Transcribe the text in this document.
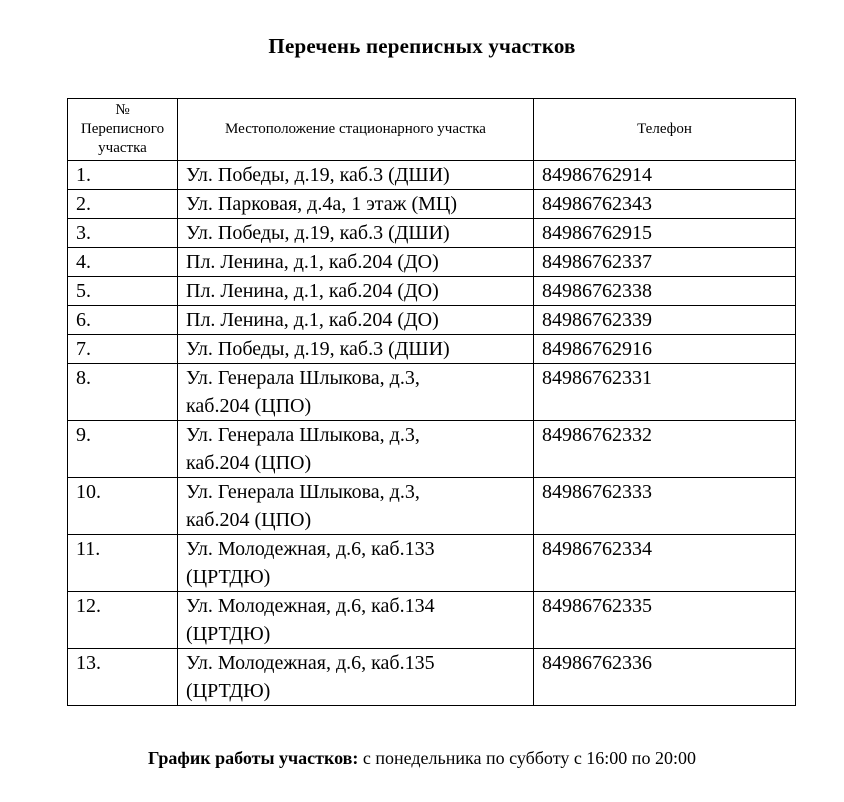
Перечень переписных участков
№
Переписного
участка	Местоположение стационарного участка	Телефон
1.	Ул. Победы, д.19, каб.3 (ДШИ)	84986762914
2.	Ул. Парковая, д.4а, 1 этаж (МЦ)	84986762343
3.	Ул. Победы, д.19, каб.3 (ДШИ)	84986762915
4.	Пл. Ленина, д.1, каб.204 (ДО)	84986762337
5.	Пл. Ленина, д.1, каб.204 (ДО)	84986762338
6.	Пл. Ленина, д.1, каб.204 (ДО)	84986762339
7.	Ул. Победы, д.19, каб.3 (ДШИ)	84986762916
8.	Ул. Генерала Шлыкова, д.3,
каб.204 (ЦПО)	84986762331
9.	Ул. Генерала Шлыкова, д.3,
каб.204 (ЦПО)	84986762332
10.	Ул. Генерала Шлыкова, д.3,
каб.204 (ЦПО)	84986762333
11.	Ул. Молодежная, д.6, каб.133
(ЦРТДЮ)	84986762334
12.	Ул. Молодежная, д.6, каб.134
(ЦРТДЮ)	84986762335
13.	Ул. Молодежная, д.6, каб.135
(ЦРТДЮ)	84986762336
График работы участков: с понедельника по субботу с 16:00 по 20:00
